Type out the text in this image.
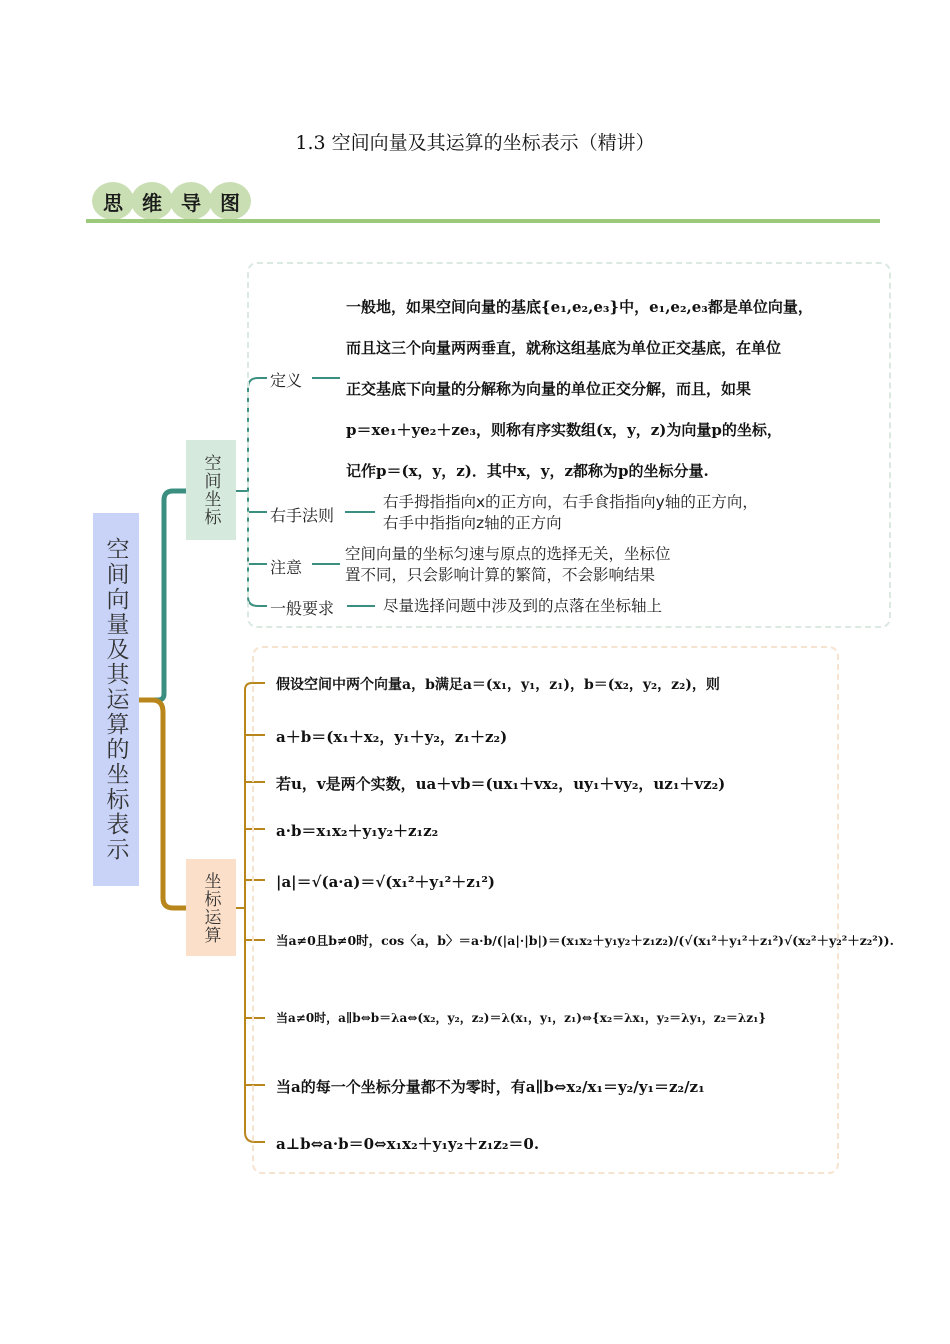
1.3 空间向量及其运算的坐标表示（精讲）
思 维 导 图
空间向量及其运算的坐标表示
空间坐标
坐标运算
定义
一般地，如果空间向量的基底{e₁,e₂,e₃}中，e₁,e₂,e₃都是单位向量，
而且这三个向量两两垂直，就称这组基底为单位正交基底，在单位
正交基底下向量的分解称为向量的单位正交分解，而且，如果
p＝xe₁＋ye₂＋ze₃，则称有序实数组(x，y，z)为向量p的坐标，
记作p＝(x，y，z)．其中x，y，z都称为p的坐标分量.
右手法则
右手拇指指向x的正方向，右手食指指向y轴的正方向，
右手中指指向z轴的正方向
注意
空间向量的坐标匀速与原点的选择无关，坐标位
置不同，只会影响计算的繁简，不会影响结果
一般要求	尽量选择问题中涉及到的点落在坐标轴上
假设空间中两个向量a，b满足a＝(x₁，y₁，z₁)，b＝(x₂，y₂，z₂)，则
a＋b＝(x₁＋x₂，y₁＋y₂，z₁＋z₂)
若u，v是两个实数，ua＋vb＝(ux₁＋vx₂，uy₁＋vy₂，uz₁＋vz₂)
a·b＝x₁x₂＋y₁y₂＋z₁z₂
|a|＝√(a·a)＝√(x₁²＋y₁²＋z₁²)
当a≠0且b≠0时，cos〈a，b〉＝a·b/(|a|·|b|)＝(x₁x₂＋y₁y₂＋z₁z₂)/(√(x₁²＋y₁²＋z₁²)√(x₂²＋y₂²＋z₂²)).
当a≠0时，a∥b⇔b＝λa⇔(x₂，y₂，z₂)＝λ(x₁，y₁，z₁)⇔{x₂＝λx₁，y₂＝λy₁，z₂＝λz₁}
当a的每一个坐标分量都不为零时，有a∥b⇔x₂/x₁＝y₂/y₁＝z₂/z₁
a⊥b⇔a·b＝0⇔x₁x₂＋y₁y₂＋z₁z₂＝0.
